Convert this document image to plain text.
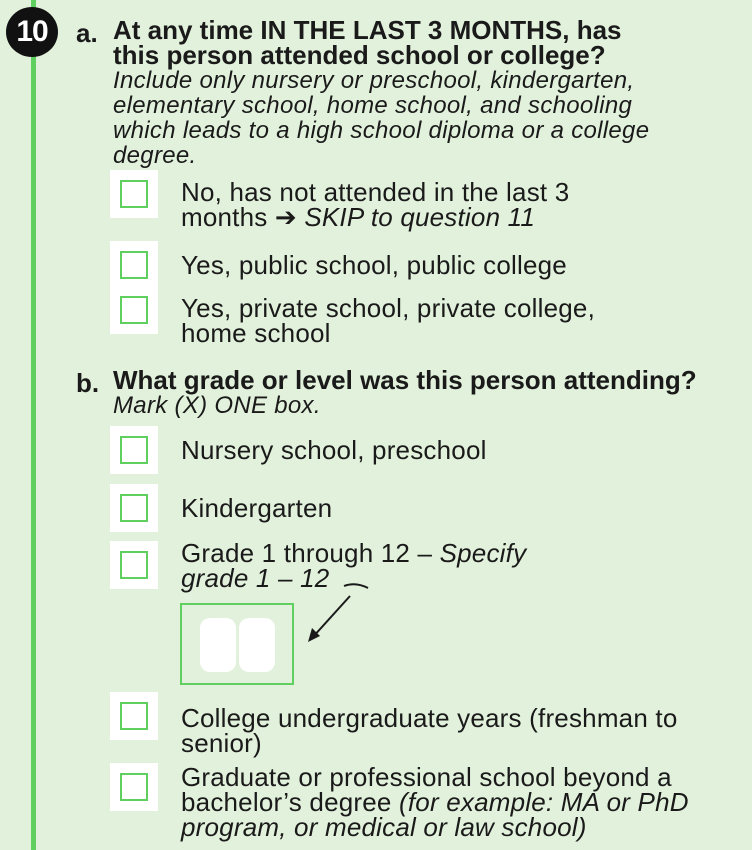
10	a. At any time IN THE LAST 3 MONTHS, has
this person attended school or college?
Include only nursery or preschool, kindergarten,
elementary school, home school, and schooling
which leads to a high school diploma or a college
degree.
No, has not attended in the last 3
months ➔ SKIP to question 11
Yes, public school, public college
Yes, private school, private college,
home school
b. What grade or level was this person attending?
Mark (X) ONE box.
Nursery school, preschool
Kindergarten
Grade 1 through 12 – Specify
grade 1 – 12
College undergraduate years (freshman to
senior)
Graduate or professional school beyond a
bachelor’s degree (for example: MA or PhD
program, or medical or law school)
